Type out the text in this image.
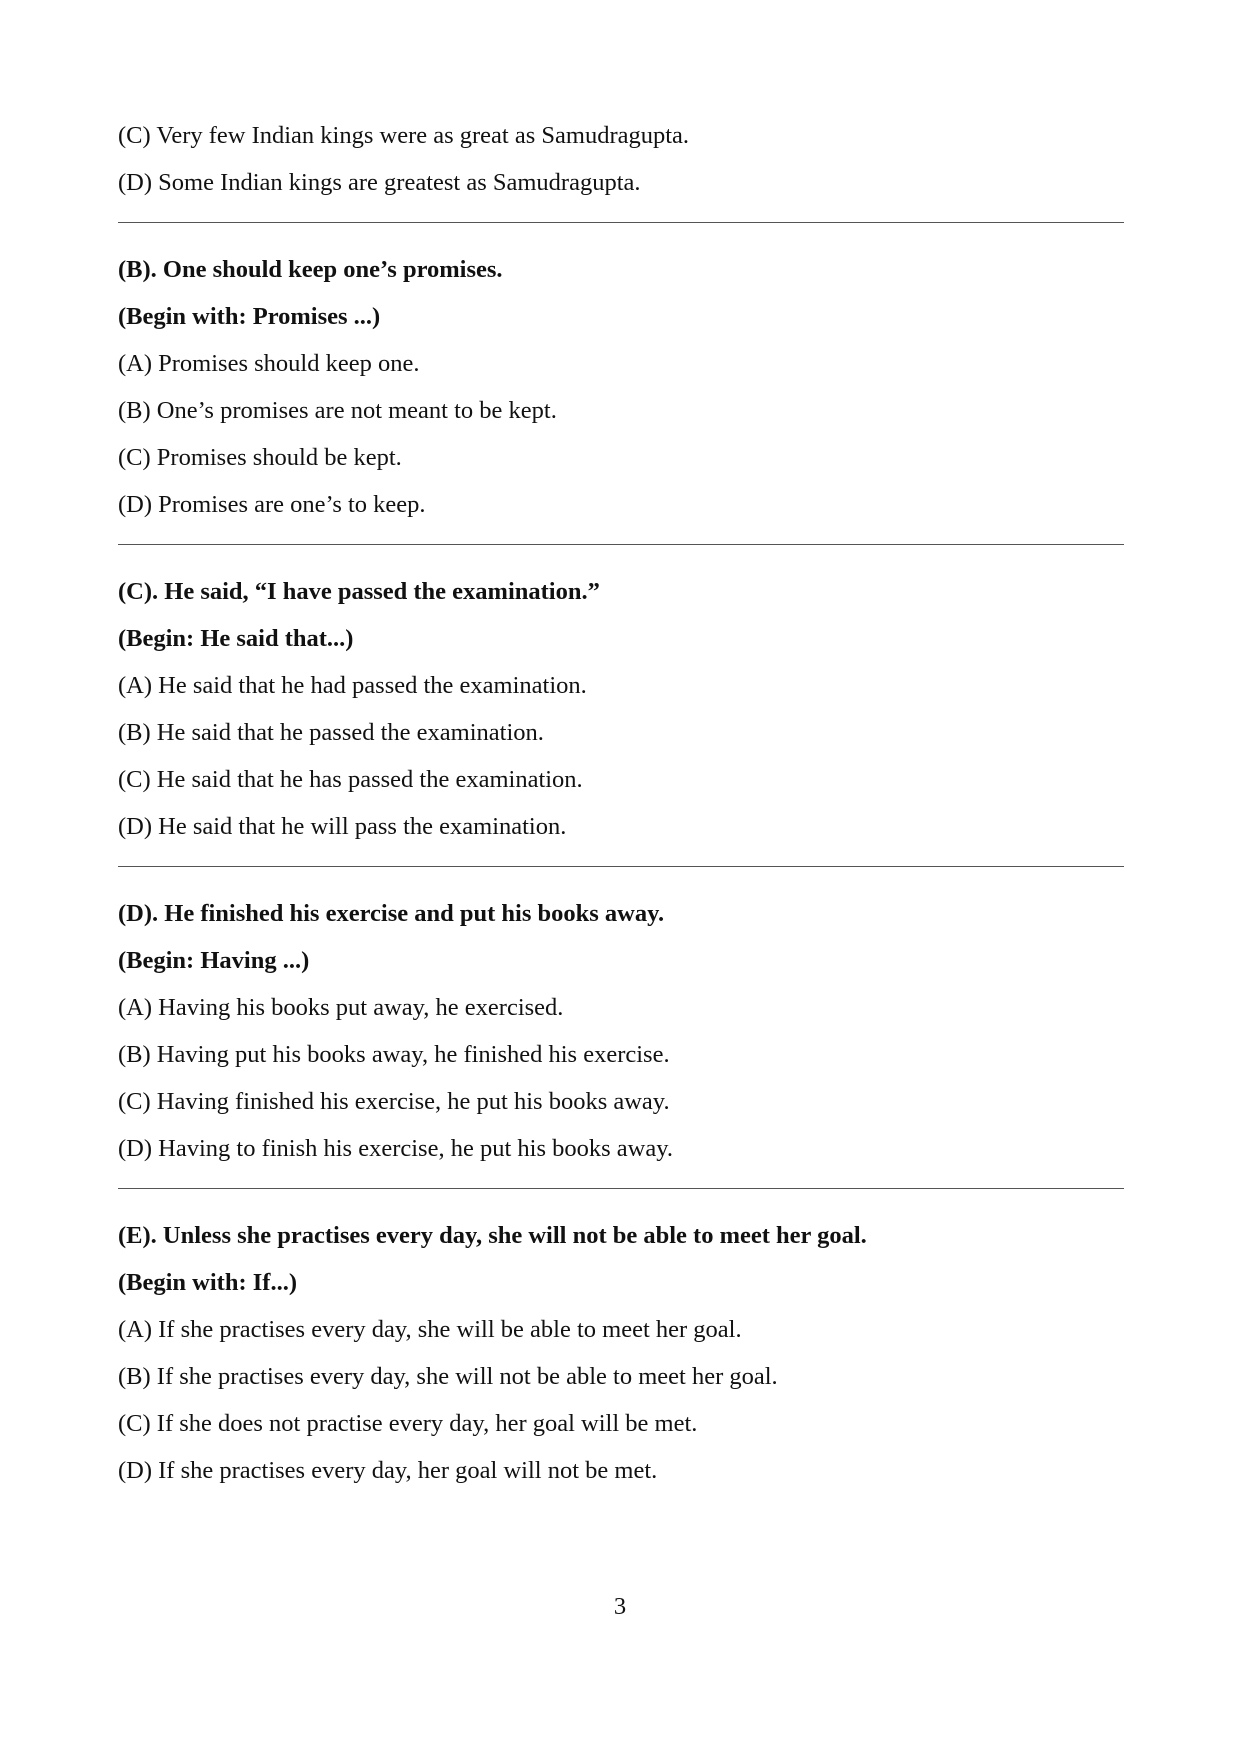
(C) Very few Indian kings were as great as Samudragupta.
(D) Some Indian kings are greatest as Samudragupta.
(B). One should keep one’s promises.
(Begin with: Promises ...)
(A) Promises should keep one.
(B) One’s promises are not meant to be kept.
(C) Promises should be kept.
(D) Promises are one’s to keep.
(C). He said, “I have passed the examination.”
(Begin: He said that...)
(A) He said that he had passed the examination.
(B) He said that he passed the examination.
(C) He said that he has passed the examination.
(D) He said that he will pass the examination.
(D). He finished his exercise and put his books away.
(Begin: Having ...)
(A) Having his books put away, he exercised.
(B) Having put his books away, he finished his exercise.
(C) Having finished his exercise, he put his books away.
(D) Having to finish his exercise, he put his books away.
(E). Unless she practises every day, she will not be able to meet her goal.
(Begin with: If...)
(A) If she practises every day, she will be able to meet her goal.
(B) If she practises every day, she will not be able to meet her goal.
(C) If she does not practise every day, her goal will be met.
(D) If she practises every day, her goal will not be met.
3
